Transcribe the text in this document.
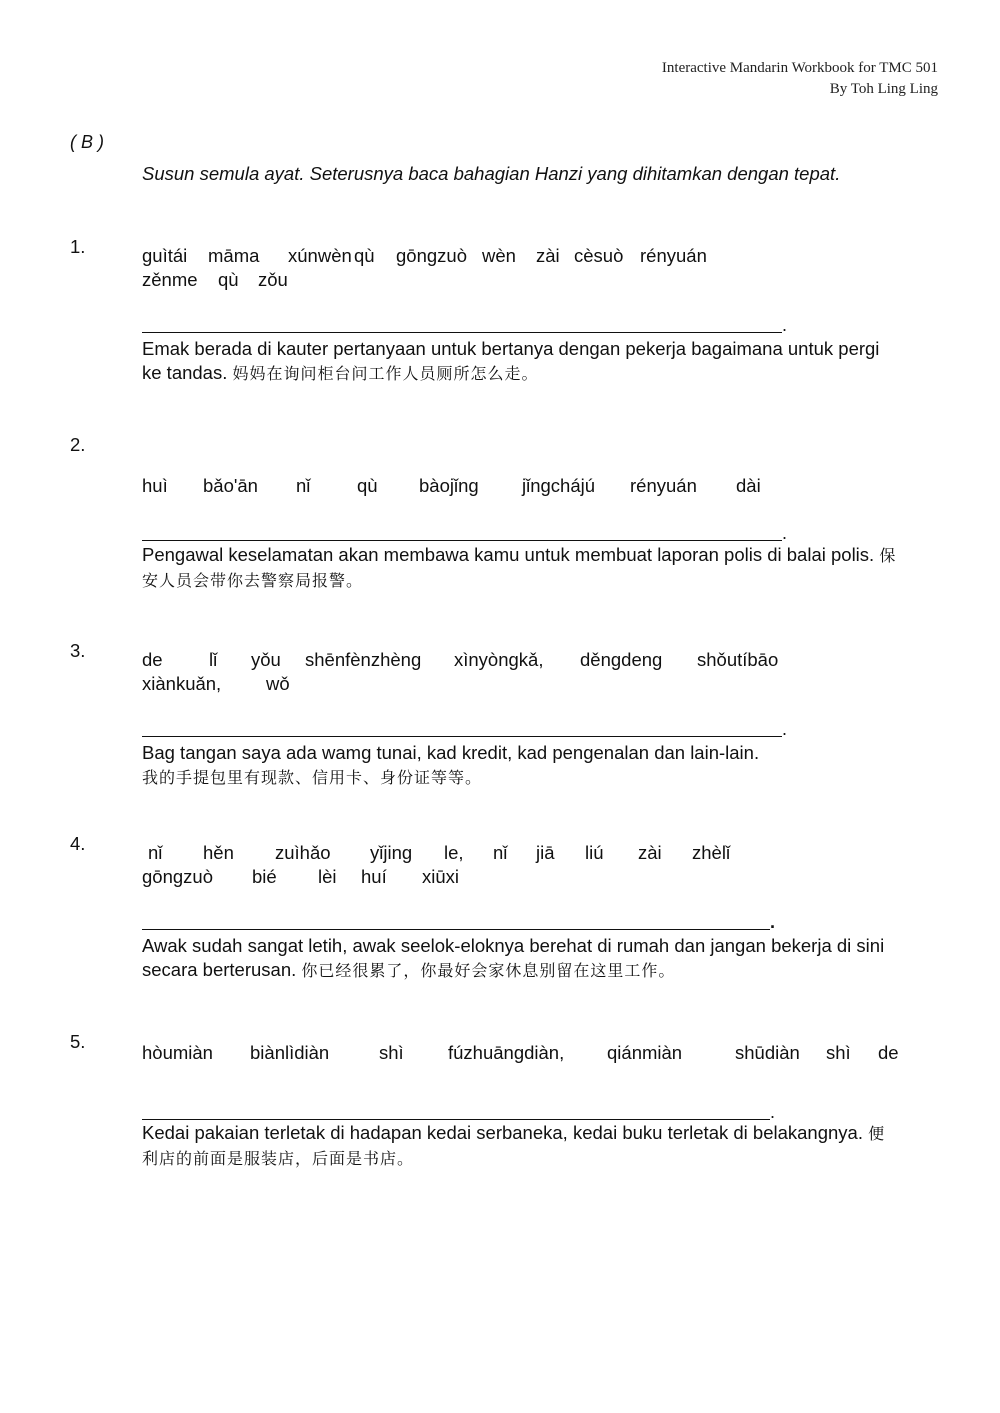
Interactive Mandarin Workbook for TMC 501
By Toh Ling Ling
( B )
Susun semula ayat. Seterusnya baca bahagian Hanzi yang dihitamkan dengan tepat.
1.	guìtái māma xúnwèn qù gōngzuò wèn zài cèsuò rényuán
zěnme qù zǒu
.
Emak berada di kauter pertanyaan untuk bertanya dengan pekerja bagaimana untuk pergi ke tandas. 妈妈在询问柜台问工作人员厕所怎么走。
2.
huì bǎo'ān nǐ	qù bàojǐng jǐngchájú rényuán dài
.
Pengawal keselamatan akan membawa kamu untuk membuat laporan polis di balai polis. 保安人员会带你去警察局报警。
3.	de	lǐ yǒu shēnfènzhèng xìnyòngkǎ, děngdeng shǒutíbāo
xiànkuǎn, wǒ
.
Bag tangan saya ada wamg tunai, kad kredit, kad pengenalan dan lain-lain.
我的手提包里有现款、信用卡、身份证等等。
4.	nǐ hěn zuìhǎo yǐjing le, nǐ jiā liú zài zhèlǐ
gōngzuò bié lèi huí xiūxi
.
Awak sudah sangat letih, awak seelok-eloknya berehat di rumah dan jangan bekerja di sini secara berterusan. 你已经很累了，你最好会家休息别留在这里工作。
5.
hòumiàn biànlìdiàn	shì fúzhuāngdiàn, qiánmiàn	shūdiàn shì de
.
Kedai pakaian terletak di hadapan kedai serbaneka, kedai buku terletak di belakangnya. 便利店的前面是服装店，后面是书店。
